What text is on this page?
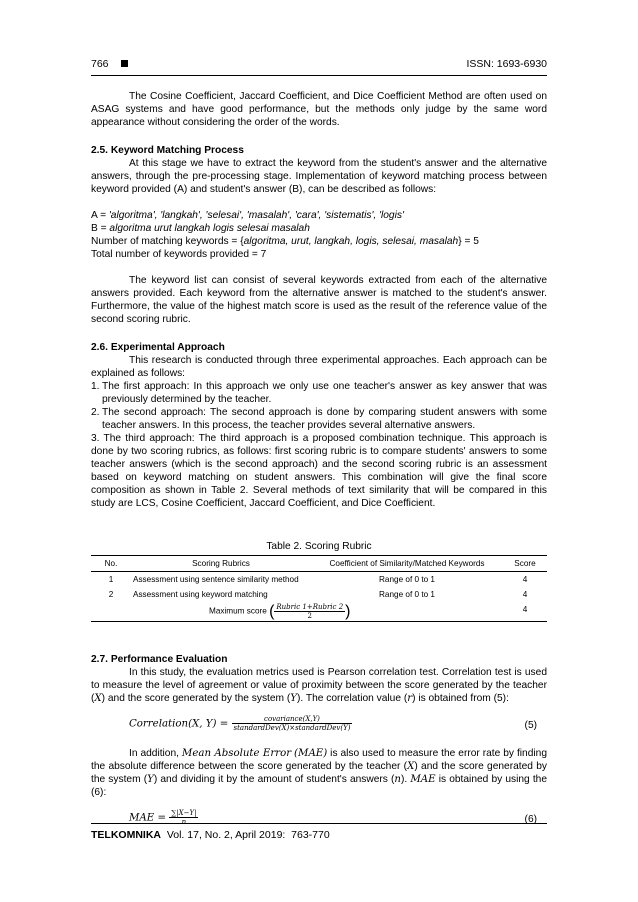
766	ISSN: 1693-6930

The Cosine Coefficient, Jaccard Coefficient, and Dice Coefficient Method are often used on ASAG systems and have good performance, but the methods only judge by the same word appearance without considering the order of the words.

2.5. Keyword Matching Process

At this stage we have to extract the keyword from the student's answer and the alternative answers, through the pre-processing stage. Implementation of keyword matching process between keyword provided (A) and student's answer (B), can be described as follows:

A = 'algoritma', 'langkah', 'selesai', 'masalah', 'cara', 'sistematis', 'logis'

B = algoritma urut langkah logis selesai masalah

Number of matching keywords = {algoritma, urut, langkah, logis, selesai, masalah} = 5

Total number of keywords provided = 7

The keyword list can consist of several keywords extracted from each of the alternative answers provided. Each keyword from the alternative answer is matched to the student's answer. Furthermore, the value of the highest match score is used as the result of the reference value of the second scoring rubric.

2.6. Experimental Approach

This research is conducted through three experimental approaches. Each approach can be explained as follows:

1. The first approach: In this approach we only use one teacher's answer as key answer that was previously determined by the teacher.
2. The second approach: The second approach is done by comparing student answers with some teacher answers. In this process, the teacher provides several alternative answers.

3. The third approach: The third approach is a proposed combination technique. This approach is done by two scoring rubrics, as follows: first scoring rubric is to compare students' answers to some teacher answers (which is the second approach) and the second scoring rubric is an assessment based on keyword matching on student answers. This combination will give the final score composition as shown in Table 2. Several methods of text similarity that will be compared in this study are LCS, Cosine Coefficient, Jaccard Coefficient, and Dice Coefficient.

Table 2. Scoring Rubric

No.	Scoring Rubrics	Coefficient of Similarity/Matched Keywords	Score
1	Assessment using sentence similarity method	Range of 0 to 1	4
2	Assessment using keyword matching	Range of 0 to 1	4
Maximum score ( $\frac{\text{Rubric 1+Rubric 2}}{2}$ )			4

2.7. Performance Evaluation

In this study, the evaluation metrics used is Pearson correlation test. Correlation test is used to measure the level of agreement or value of proximity between the score generated by the teacher (X) and the score generated by the system (Y). The correlation value (r) is obtained from (5):

Correlation(X, $Y) = \frac{\text{covariance(X,Y)}}{\text{standardDev(X)×standardDev(Y)}}$	(5)

In addition, Mean Absolute Error (MAE) is also used to measure the error rate by finding the absolute difference between the score generated by the teacher (X) and the score generated by the system (Y) and dividing it by the amount of student's answers (n). MAE is obtained by using the (6):

MAE = $\frac{\sum|X-Y|}{n}$	(6)
TELKOMNIKA  Vol. 17, No. 2, April 2019:  763-770
